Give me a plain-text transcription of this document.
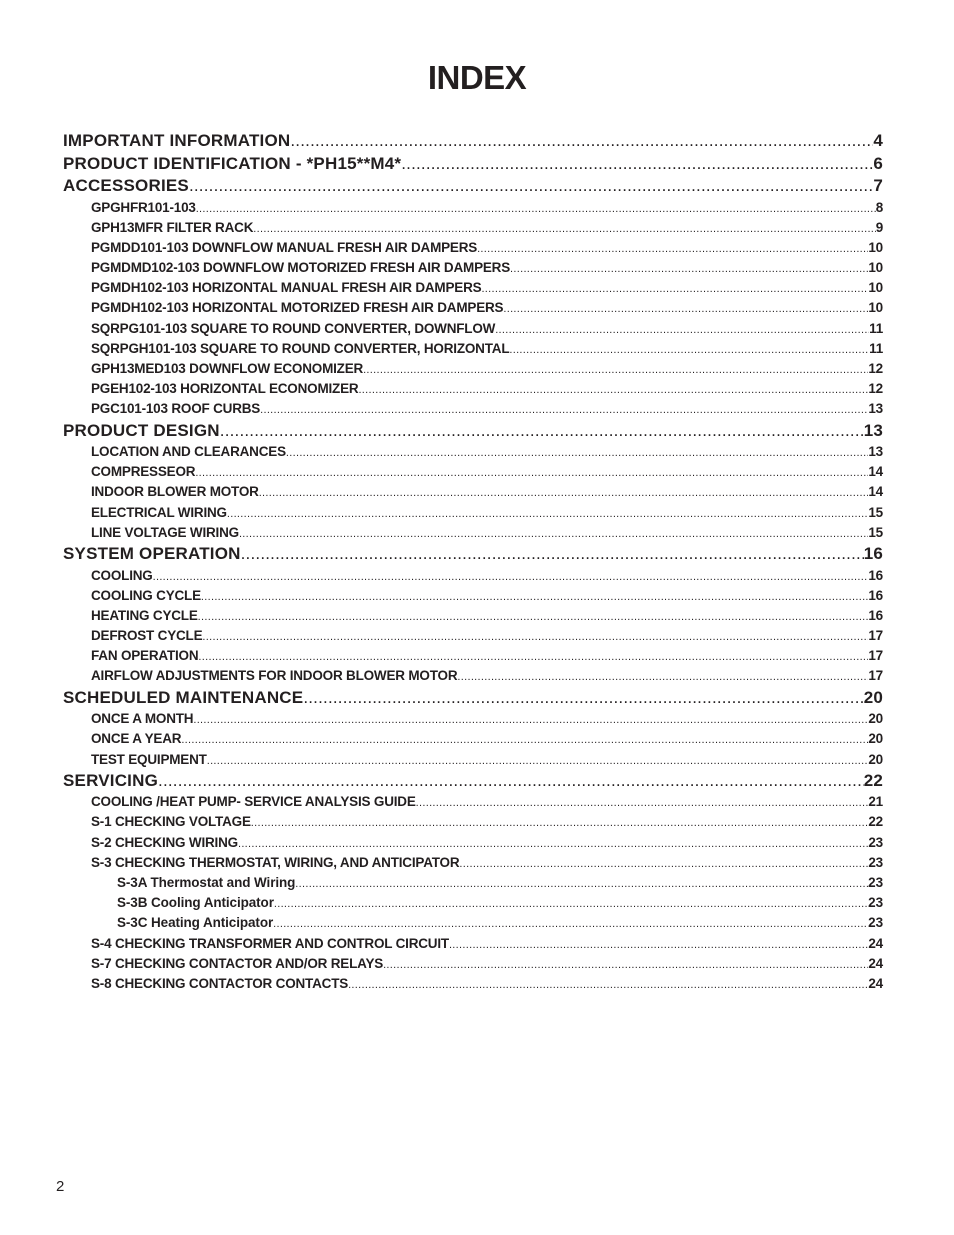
INDEX
IMPORTANT INFORMATION .....	4
PRODUCT IDENTIFICATION - *PH15**M4* .....	6
ACCESSORIES .....	7
GPGHFR101-103 .....	8
GPH13MFR FILTER RACK .....	9
PGMDD101-103 DOWNFLOW MANUAL FRESH AIR DAMPERS .....	10
PGMDMD102-103 DOWNFLOW MOTORIZED FRESH AIR DAMPERS .....	10
PGMDH102-103 HORIZONTAL MANUAL FRESH AIR DAMPERS .....	10
PGMDH102-103 HORIZONTAL MOTORIZED FRESH AIR DAMPERS .....	10
SQRPG101-103 SQUARE TO ROUND CONVERTER, DOWNFLOW .....	11
SQRPGH101-103 SQUARE TO ROUND CONVERTER, HORIZONTAL .....	11
GPH13MED103 DOWNFLOW ECONOMIZER .....	12
PGEH102-103 HORIZONTAL ECONOMIZER .....	12
PGC101-103 ROOF CURBS .....	13
PRODUCT DESIGN .....	13
LOCATION AND CLEARANCES .....	13
COMPRESSEOR .....	14
INDOOR BLOWER MOTOR .....	14
ELECTRICAL WIRING .....	15
LINE VOLTAGE WIRING .....	15
SYSTEM OPERATION .....	16
COOLING .....	16
COOLING CYCLE .....	16
HEATING CYCLE .....	16
DEFROST CYCLE .....	17
FAN OPERATION .....	17
AIRFLOW ADJUSTMENTS FOR INDOOR BLOWER MOTOR .....	17
SCHEDULED MAINTENANCE .....	20
ONCE A MONTH .....	20
ONCE A YEAR .....	20
TEST EQUIPMENT .....	20
SERVICING .....	22
COOLING /HEAT PUMP- SERVICE ANALYSIS GUIDE .....	21
S-1 CHECKING VOLTAGE .....	22
S-2 CHECKING WIRING .....	23
S-3 CHECKING THERMOSTAT, WIRING, AND ANTICIPATOR .....	23
S-3A Thermostat and Wiring .....	23
S-3B Cooling Anticipator .....	23
S-3C Heating Anticipator .....	23
S-4 CHECKING TRANSFORMER AND CONTROL CIRCUIT .....	24
S-7 CHECKING CONTACTOR AND/OR RELAYS .....	24
S-8 CHECKING CONTACTOR CONTACTS .....	24
2
